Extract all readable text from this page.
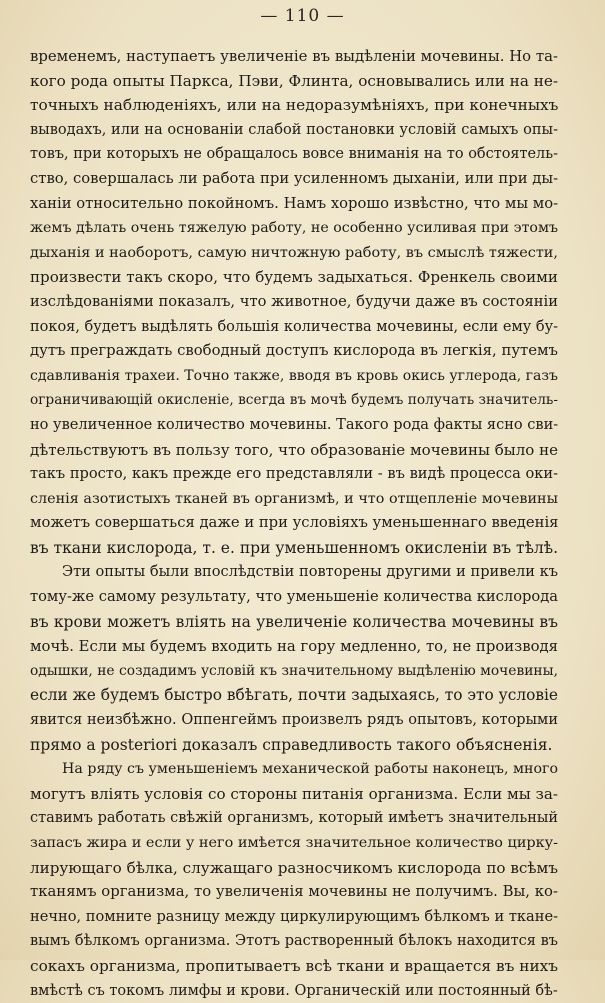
— 110 —
временемъ, наступаетъ увеличенiе въ выдѣленiи мочевины. Но та-
кого рода опыты Паркса, Пэви, Флинта, основывались или на не-
точныхъ наблюденiяхъ, или на недоразумѣнiяхъ, при конечныхъ
выводахъ, или на основанiи слабой постановки условiй самыхъ опы-
товъ, при которыхъ не обращалось вовсе вниманiя на то обстоятель-
ство, совершалась ли работа при усиленномъ дыханiи, или при ды-
ханiи относительно покойномъ. Намъ хорошо извѣстно, что мы мо-
жемъ дѣлать очень тяжелую работу, не особенно усиливая при этомъ
дыханiя и наоборотъ, самую ничтожную работу, въ смыслѣ тяжести,
произвести такъ скоро, что будемъ задыхаться. Френкель своими
изслѣдованiями показалъ, что животное, будучи даже въ состоянiи
покоя, будетъ выдѣлять большiя количества мочевины, если ему бу-
дутъ преграждать свободный доступъ кислорода въ легкiя, путемъ
сдавливанiя трахеи. Точно также, вводя въ кровь окись углерода, газъ
ограничивающiй окисленiе, всегда въ мочѣ будемъ получать значитель-
но увеличенное количество мочевины. Такого рода факты ясно сви-
дѣтельствуютъ въ пользу того, что образованiе мочевины было не
такъ просто, какъ прежде его представляли - въ видѣ процесса оки-
сленiя азотистыхъ тканей въ организмѣ, и что отщепленiе мочевины
можетъ совершаться даже и при условiяхъ уменьшеннаго введенiя
въ ткани кислорода, т. е. при уменьшенномъ окисленiи въ тѣлѣ.
Эти опыты были впослѣдствiи повторены другими и привели къ
тому-же самому результату, что уменьшенiе количества кислорода
въ крови можетъ влiять на увеличенiе количества мочевины въ
мочѣ. Если мы будемъ входить на гору медленно, то, не производя
одышки, не создадимъ условiй къ значительному выдѣленiю мочевины,
если же будемъ быстро вбѣгать, почти задыхаясь, то это условiе
явится неизбѣжно. Оппенгеймъ произвелъ рядъ опытовъ, которыми
прямо a posteriori доказалъ справедливость такого объясненiя.
На ряду съ уменьшенiемъ механической работы наконецъ, много
могутъ влiять условiя со стороны питанiя организма. Если мы за-
ставимъ работать свѣжiй организмъ, который имѣетъ значительный
запасъ жира и если у него имѣется значительное количество цирку-
лирующаго бѣлка, служащаго разносчикомъ кислорода по всѣмъ
тканямъ организма, то увеличенiя мочевины не получимъ. Вы, ко-
нечно, помните разницу между циркулирующимъ бѣлкомъ и ткане-
вымъ бѣлкомъ организма. Этотъ растворенный бѣлокъ находится въ
сокахъ организма, пропитываетъ всѣ ткани и вращается въ нихъ
вмѣстѣ съ токомъ лимфы и крови. Органическiй или постоянный бѣ-
